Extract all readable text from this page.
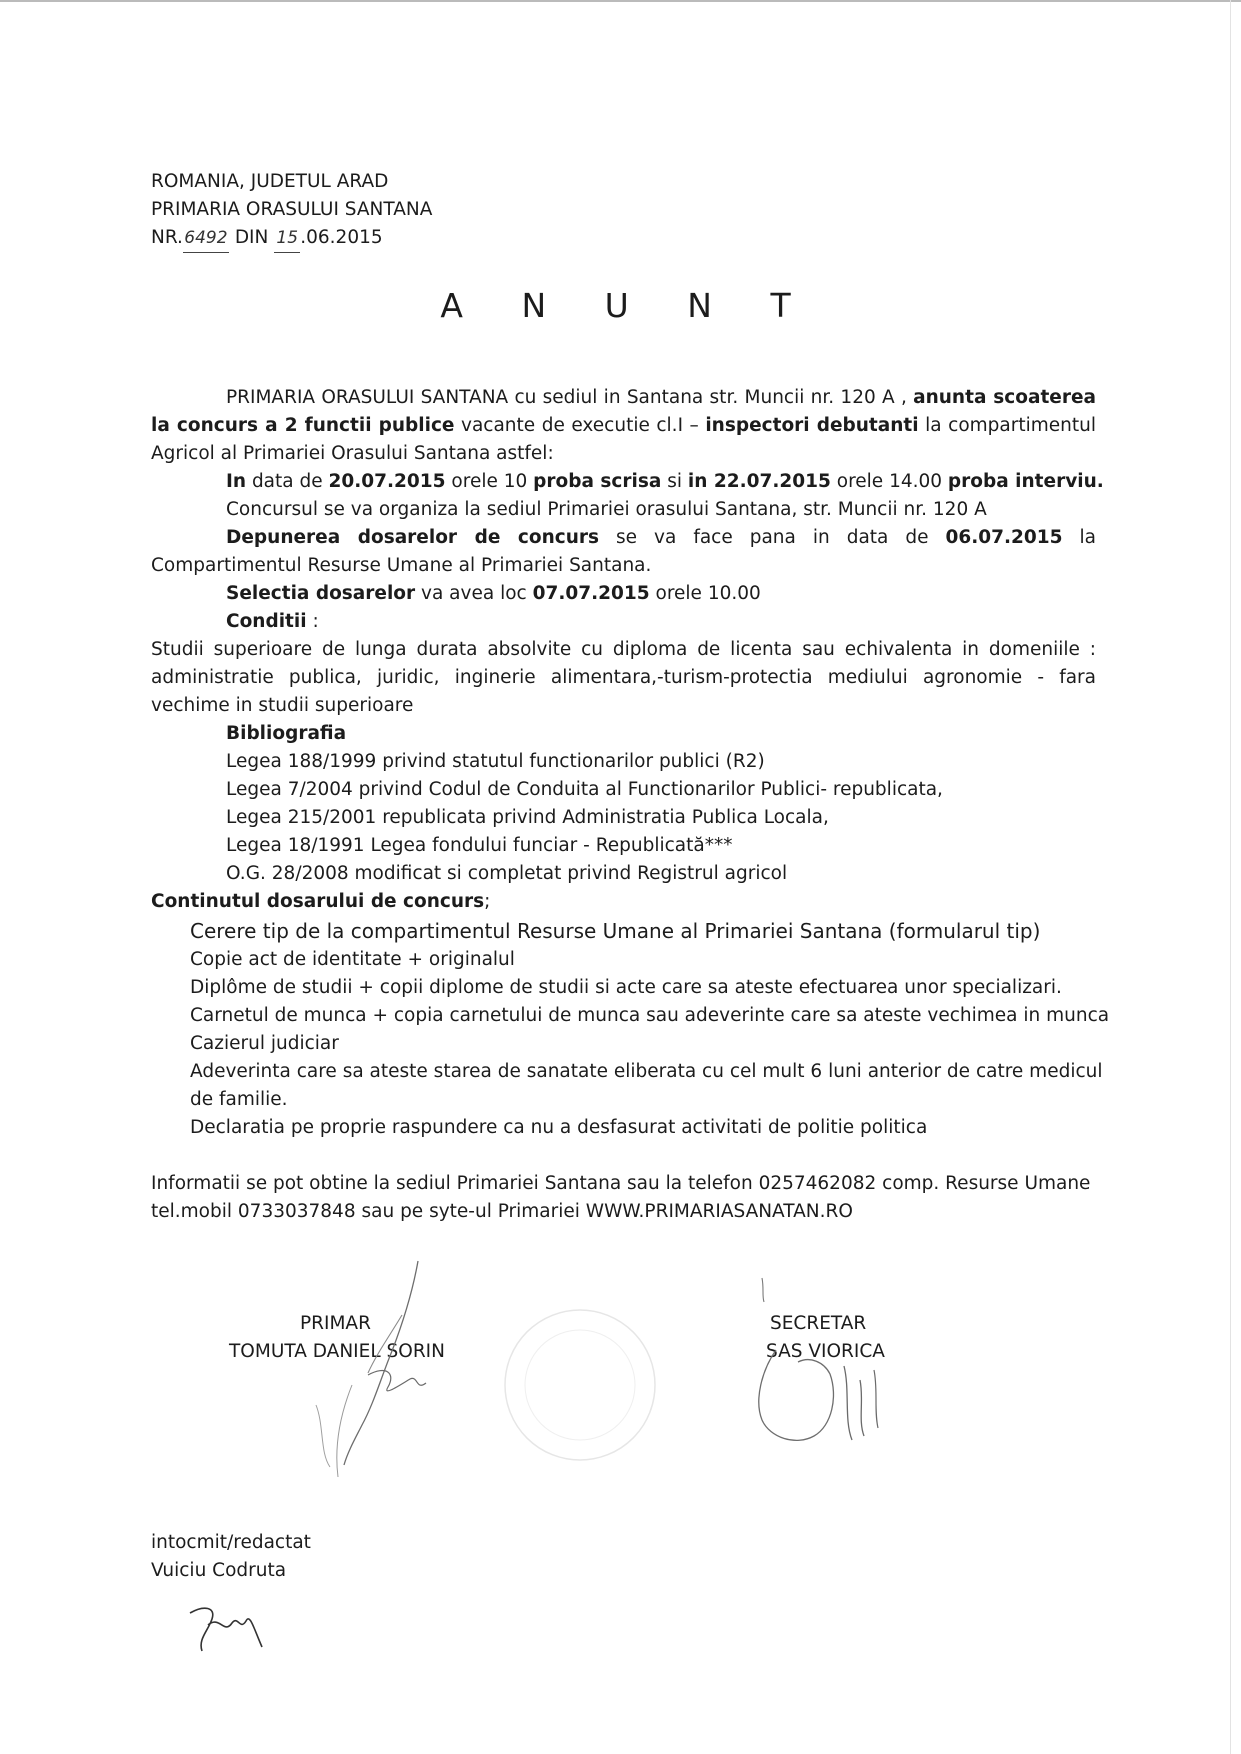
ROMANIA, JUDETUL ARAD
PRIMARIA ORASULUI SANTANA
NR.6492 DIN 15 .06.2015
A N U N T
PRIMARIA ORASULUI SANTANA cu sediul in Santana str. Muncii nr. 120 A , anunta scoaterea la concurs a 2 functii publice vacante de executie cl.I – inspectori debutanti la compartimentul Agricol al Primariei Orasului Santana astfel:
In data de 20.07.2015 orele 10 proba scrisa si in 22.07.2015 orele 14.00 proba interviu.
Concursul se va organiza la sediul Primariei orasului Santana, str. Muncii nr. 120 A
Depunerea dosarelor de concurs se va face pana in data de 06.07.2015 la Compartimentul Resurse Umane al Primariei Santana.
Selectia dosarelor va avea loc 07.07.2015 orele 10.00
Conditii :
Studii superioare de lunga durata absolvite cu diploma de licenta sau echivalenta in domeniile : administratie publica, juridic, inginerie alimentara,-turism-protectia mediului agronomie - fara vechime in studii superioare
Bibliografia
Legea 188/1999 privind statutul functionarilor publici (R2)
Legea 7/2004 privind Codul de Conduita al Functionarilor Publici- republicata,
Legea 215/2001 republicata privind Administratia Publica Locala,
Legea 18/1991 Legea fondului funciar - Republicată***
O.G. 28/2008 modificat si completat privind Registrul agricol
Continutul dosarului de concurs;
Cerere tip de la compartimentul Resurse Umane al Primariei Santana (formularul tip)
Copie act de identitate + originalul
Diplôme de studii + copii diplome de studii si acte care sa ateste efectuarea unor specializari.
Carnetul de munca + copia carnetului de munca sau adeverinte care sa ateste vechimea in munca
Cazierul judiciar
Adeverinta care sa ateste starea de sanatate eliberata cu cel mult 6 luni anterior de catre medicul
de familie.
Declaratia pe proprie raspundere ca nu a desfasurat activitati de politie politica
Informatii se pot obtine la sediul Primariei Santana sau la telefon 0257462082 comp. Resurse Umane
tel.mobil 0733037848 sau pe syte-ul Primariei WWW.PRIMARIASANATAN.RO
PRIMAR
TOMUTA DANIEL SORIN
SECRETAR
SAS VIORICA
intocmit/redactat
Vuiciu Codruta
